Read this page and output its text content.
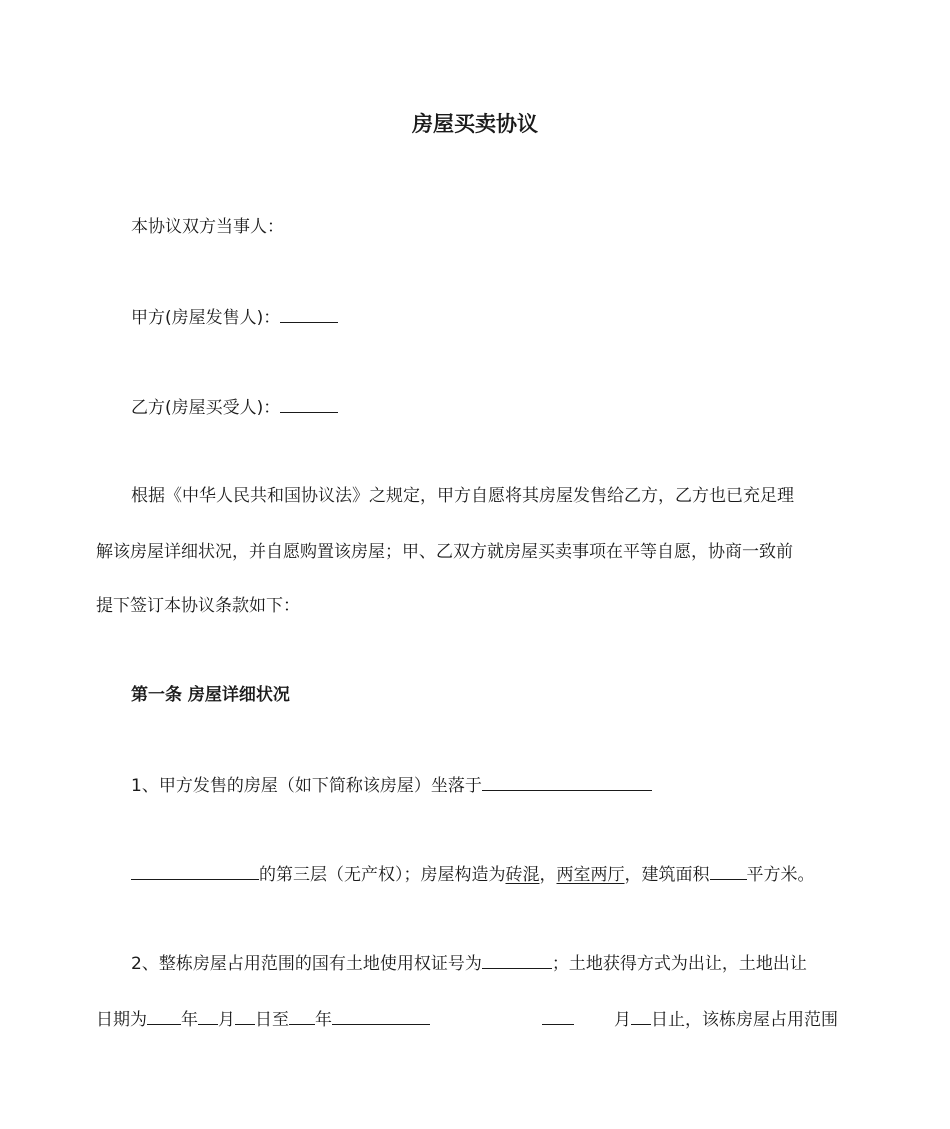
房屋买卖协议
本协议双方当事人：
甲方(房屋发售人)：
乙方(房屋买受人)：
根据《中华人民共和国协议法》之规定，甲方自愿将其房屋发售给乙方，乙方也已充足理
解该房屋详细状况，并自愿购置该房屋；甲、乙双方就房屋买卖事项在平等自愿，协商一致前
提下签订本协议条款如下：
第一条 房屋详细状况
1、甲方发售的房屋（如下简称该房屋）坐落于
的第三层（无产权）；房屋构造为砖混，两室两厅，建筑面积 平方米。
2、整栋房屋占用范围的国有土地使用权证号为	；土地获得方式为出让，土地出让
日期为 年 月 日至 年	月 日止，该栋房屋占用范围
